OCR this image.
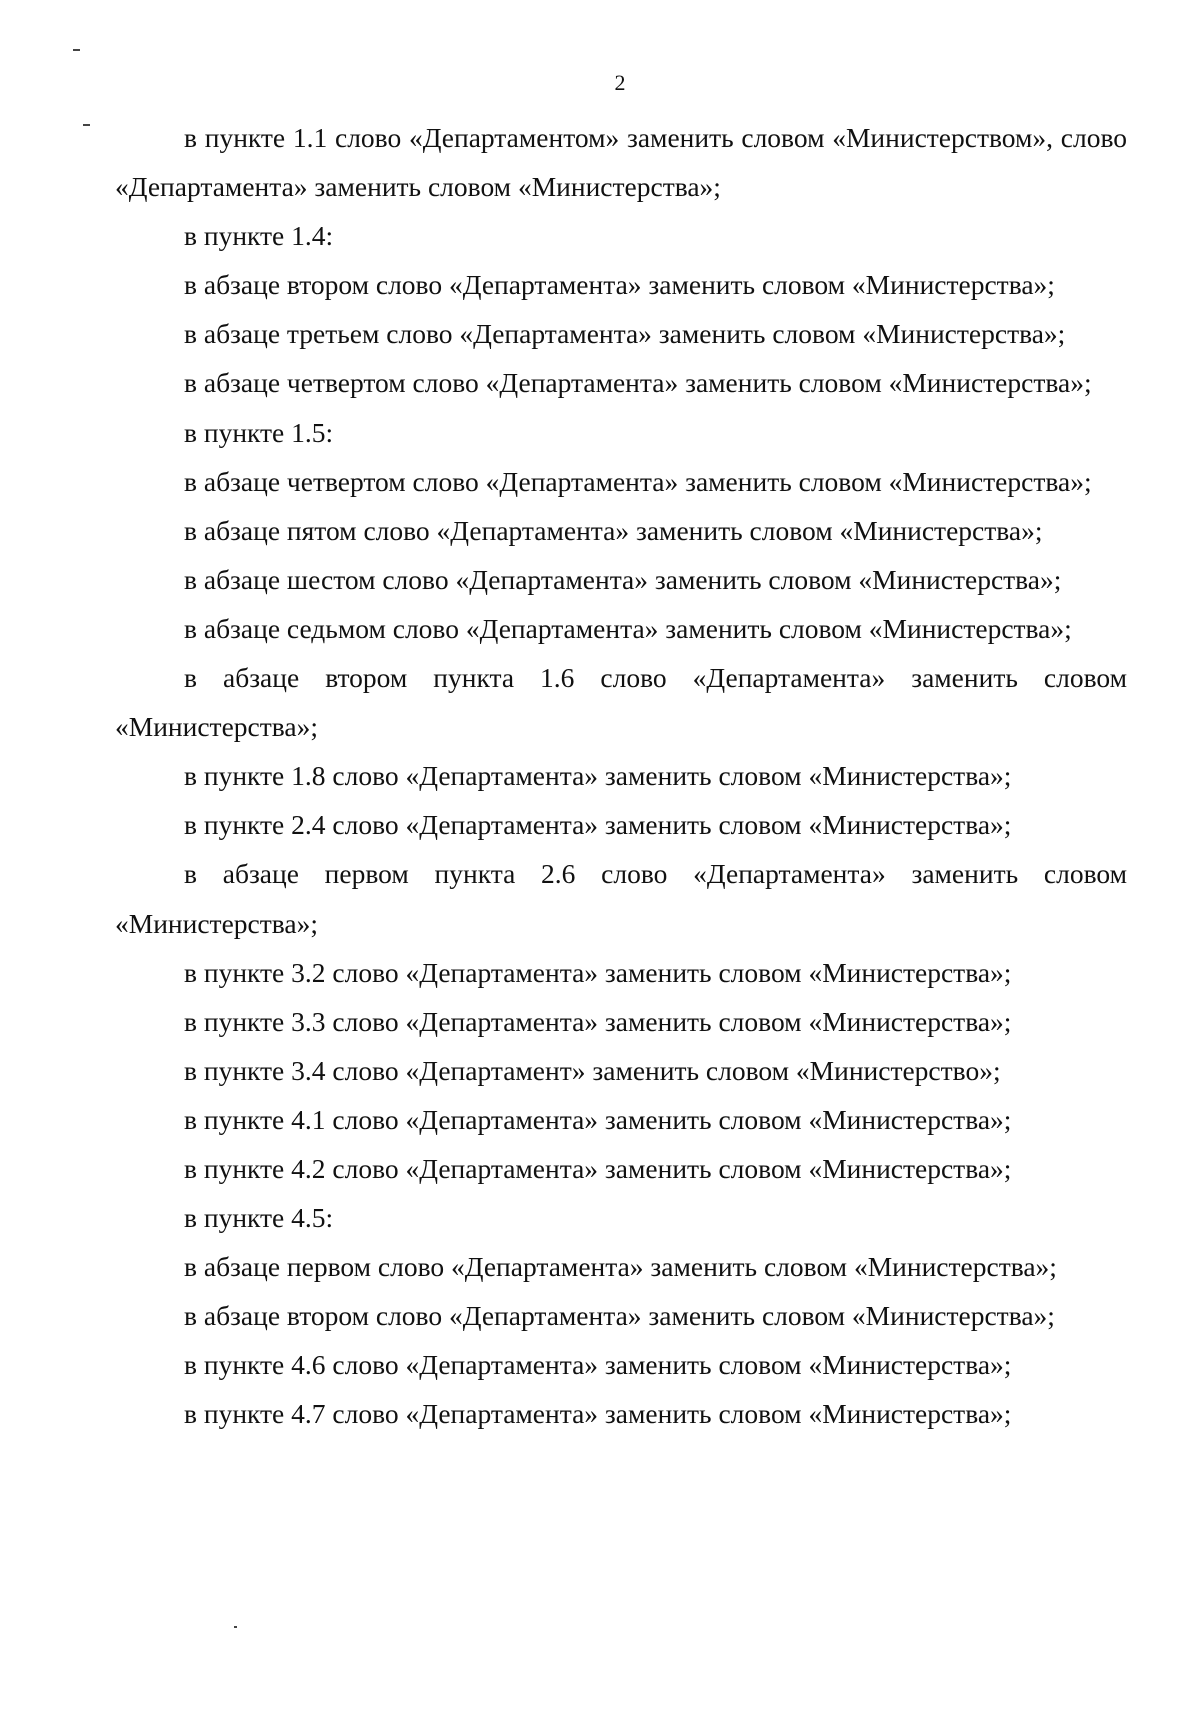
2

в пункте 1.1 слово «Департаментом» заменить словом «Министерством», слово «Департамента» заменить словом «Министерства»;

в пункте 1.4:

в абзаце втором слово «Департамента» заменить словом «Министерства»;

в абзаце третьем слово «Департамента» заменить словом «Министерства»;

в абзаце четвертом слово «Департамента» заменить словом «Министерства»;

в пункте 1.5:

в абзаце четвертом слово «Департамента» заменить словом «Министерства»;

в абзаце пятом слово «Департамента» заменить словом «Министерства»;

в абзаце шестом слово «Департамента» заменить словом «Министерства»;

в абзаце седьмом слово «Департамента» заменить словом «Министерства»;

в абзаце втором пункта 1.6 слово «Департамента» заменить словом «Министерства»;

в пункте 1.8 слово «Департамента» заменить словом «Министерства»;

в пункте 2.4 слово «Департамента» заменить словом «Министерства»;

в абзаце первом пункта 2.6 слово «Департамента» заменить словом «Министерства»;

в пункте 3.2 слово «Департамента» заменить словом «Министерства»;

в пункте 3.3 слово «Департамента» заменить словом «Министерства»;

в пункте 3.4 слово «Департамент» заменить словом «Министерство»;

в пункте 4.1 слово «Департамента» заменить словом «Министерства»;

в пункте 4.2 слово «Департамента» заменить словом «Министерства»;

в пункте 4.5:

в абзаце первом слово «Департамента» заменить словом «Министерства»;

в абзаце втором слово «Департамента» заменить словом «Министерства»;

в пункте 4.6 слово «Департамента» заменить словом «Министерства»;

в пункте 4.7 слово «Департамента» заменить словом «Министерства»;
